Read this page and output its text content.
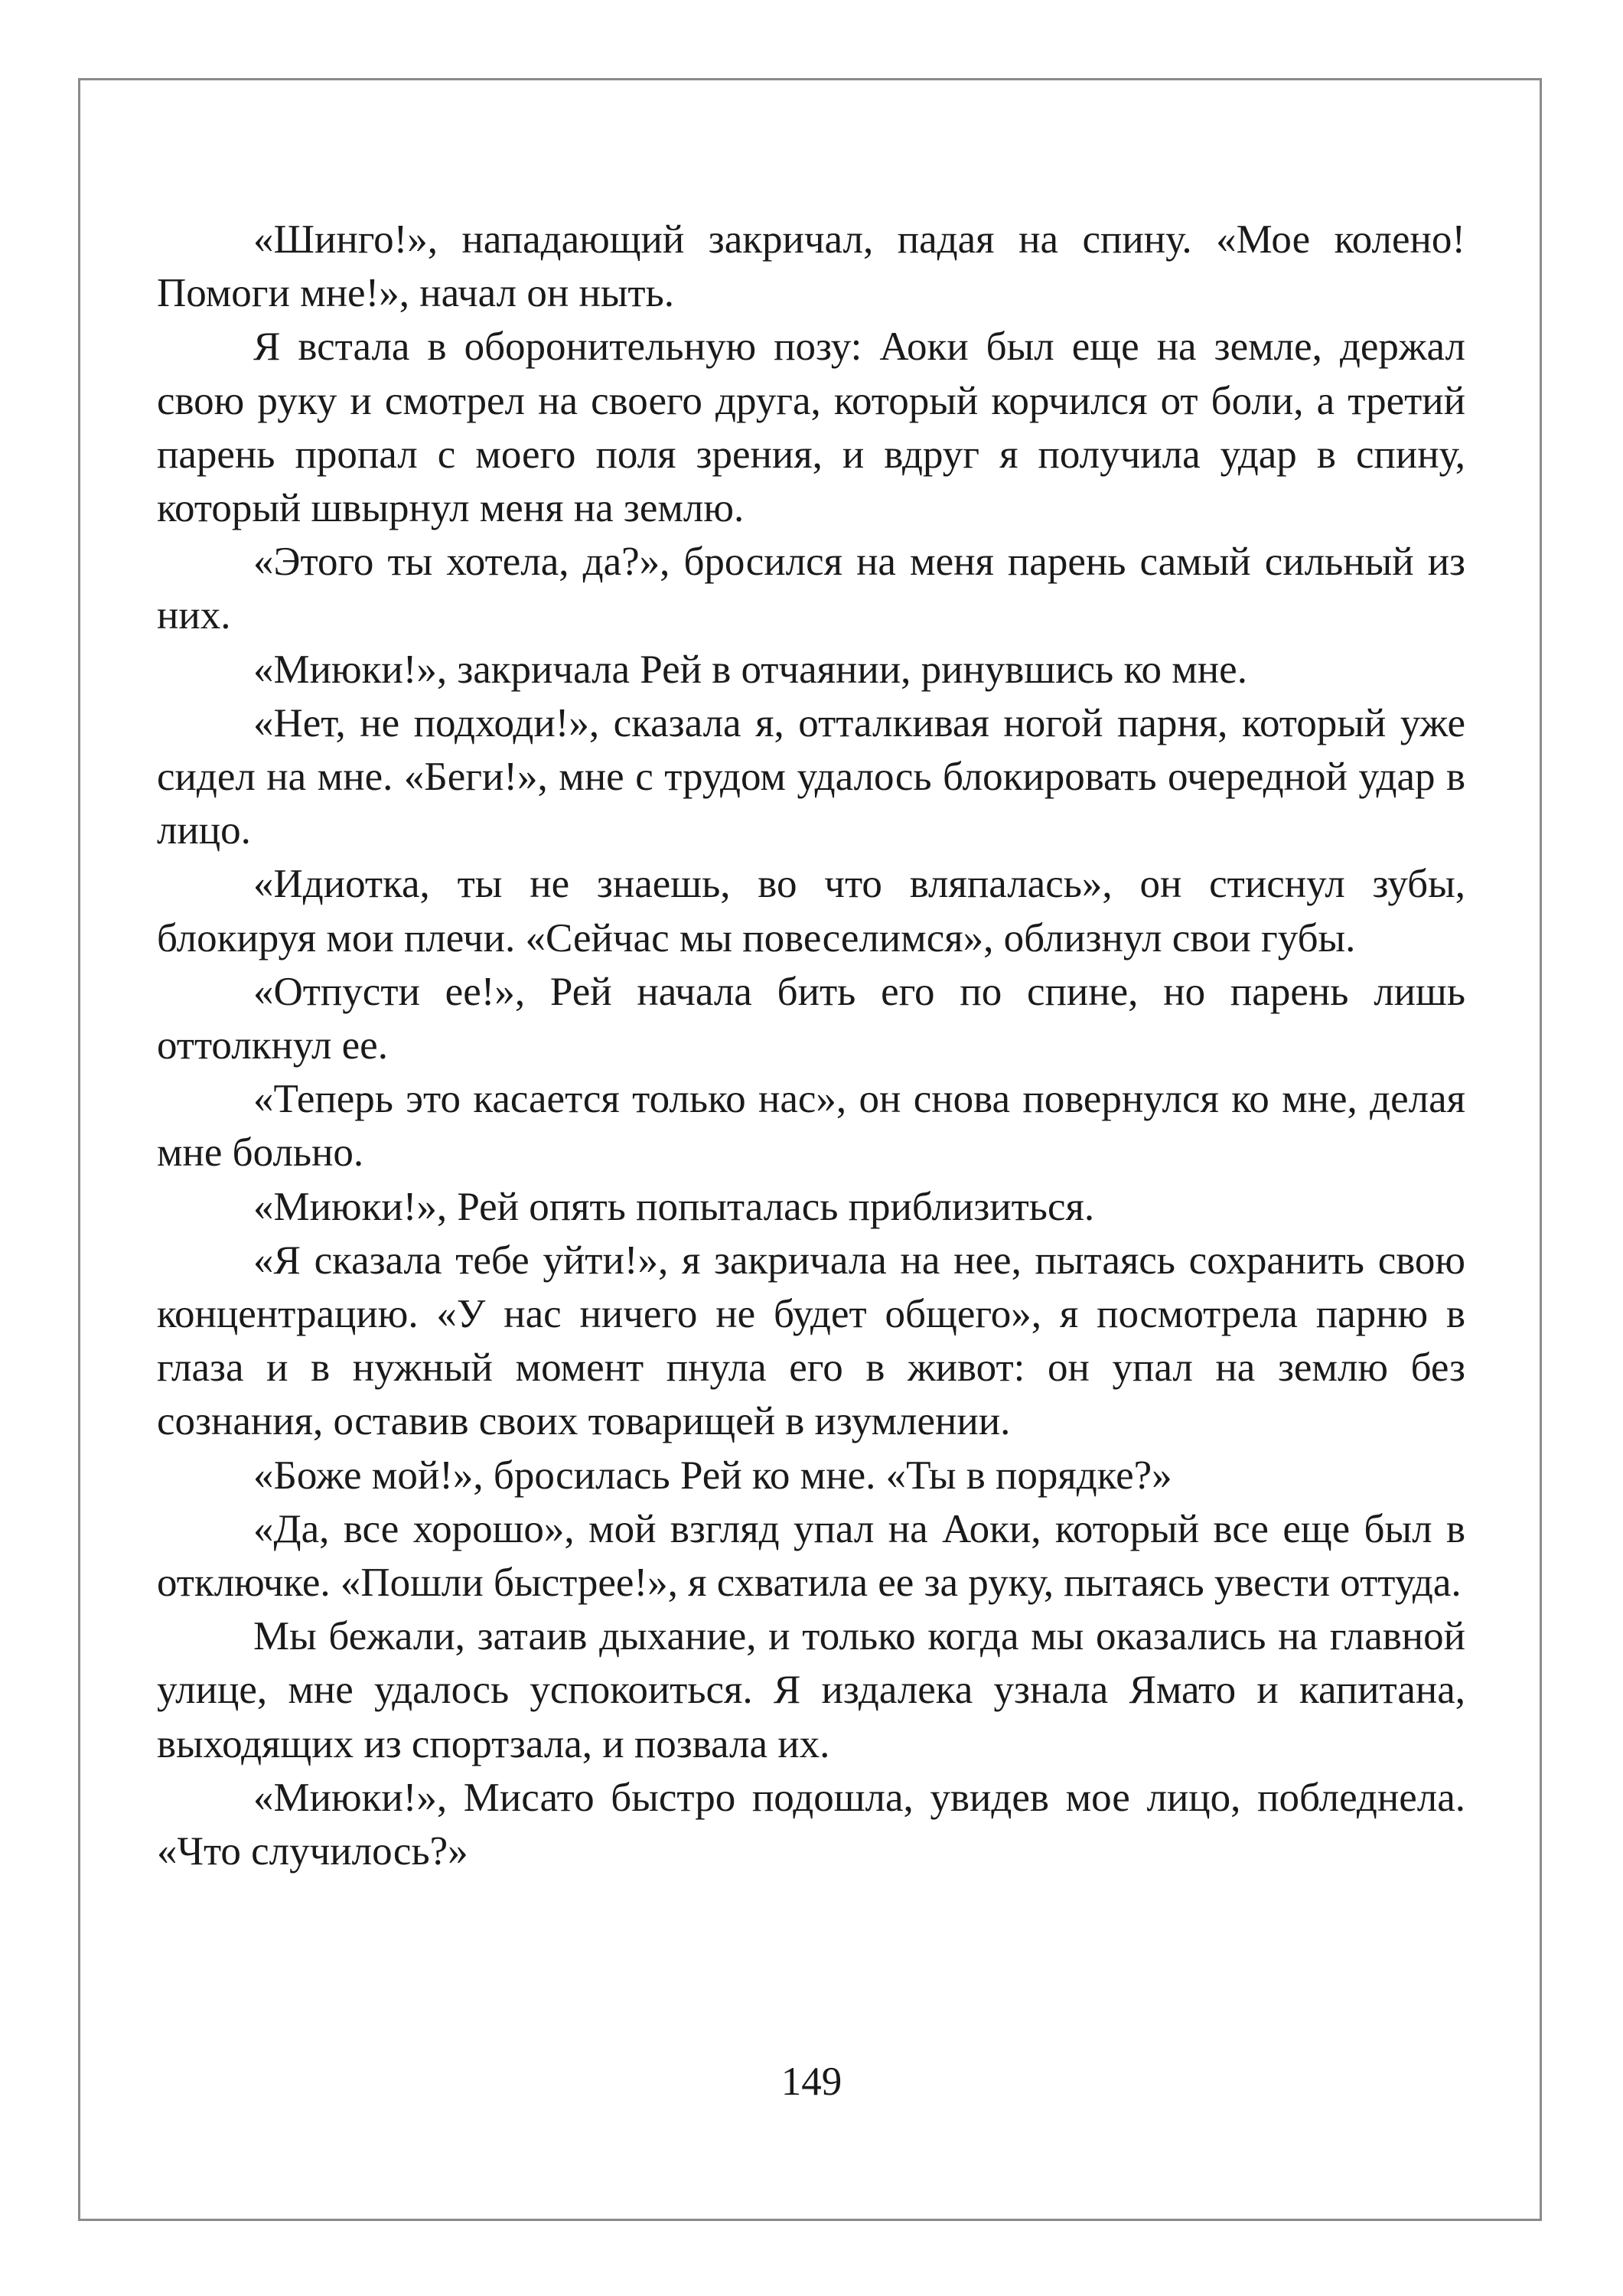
«Шинго!», нападающий закричал, падая на спину. «Мое колено! Помоги мне!», начал он ныть.

Я встала в оборонительную позу: Аоки был еще на земле, держал свою руку и смотрел на своего друга, который корчился от боли, а третий парень пропал с моего поля зрения, и вдруг я получила удар в спину, который швырнул меня на землю.

«Этого ты хотела, да?», бросился на меня парень самый сильный из них.

«Миюки!», закричала Рей в отчаянии, ринувшись ко мне.

«Нет, не подходи!», сказала я, отталкивая ногой парня, который уже сидел на мне. «Беги!», мне с трудом удалось блокировать очередной удар в лицо.

«Идиотка, ты не знаешь, во что вляпалась», он стиснул зубы, блокируя мои плечи. «Сейчас мы повеселимся», облизнул свои губы.

«Отпусти ее!», Рей начала бить его по спине, но парень лишь оттолкнул ее.

«Теперь это касается только нас», он снова повернулся ко мне, делая мне больно.

«Миюки!», Рей опять попыталась приблизиться.

«Я сказала тебе уйти!», я закричала на нее, пытаясь сохранить свою концентрацию. «У нас ничего не будет общего», я посмотрела парню в глаза и в нужный момент пнула его в живот: он упал на землю без сознания, оставив своих товарищей в изумлении.

«Боже мой!», бросилась Рей ко мне. «Ты в порядке?»

«Да, все хорошо», мой взгляд упал на Аоки, который все еще был в отключке. «Пошли быстрее!», я схватила ее за руку, пытаясь увести оттуда.

Мы бежали, затаив дыхание, и только когда мы оказались на главной улице, мне удалось успокоиться. Я издалека узнала Ямато и капитана, выходящих из спортзала, и позвала их.

«Миюки!», Мисато быстро подошла, увидев мое лицо, побледнела. «Что случилось?»

149
